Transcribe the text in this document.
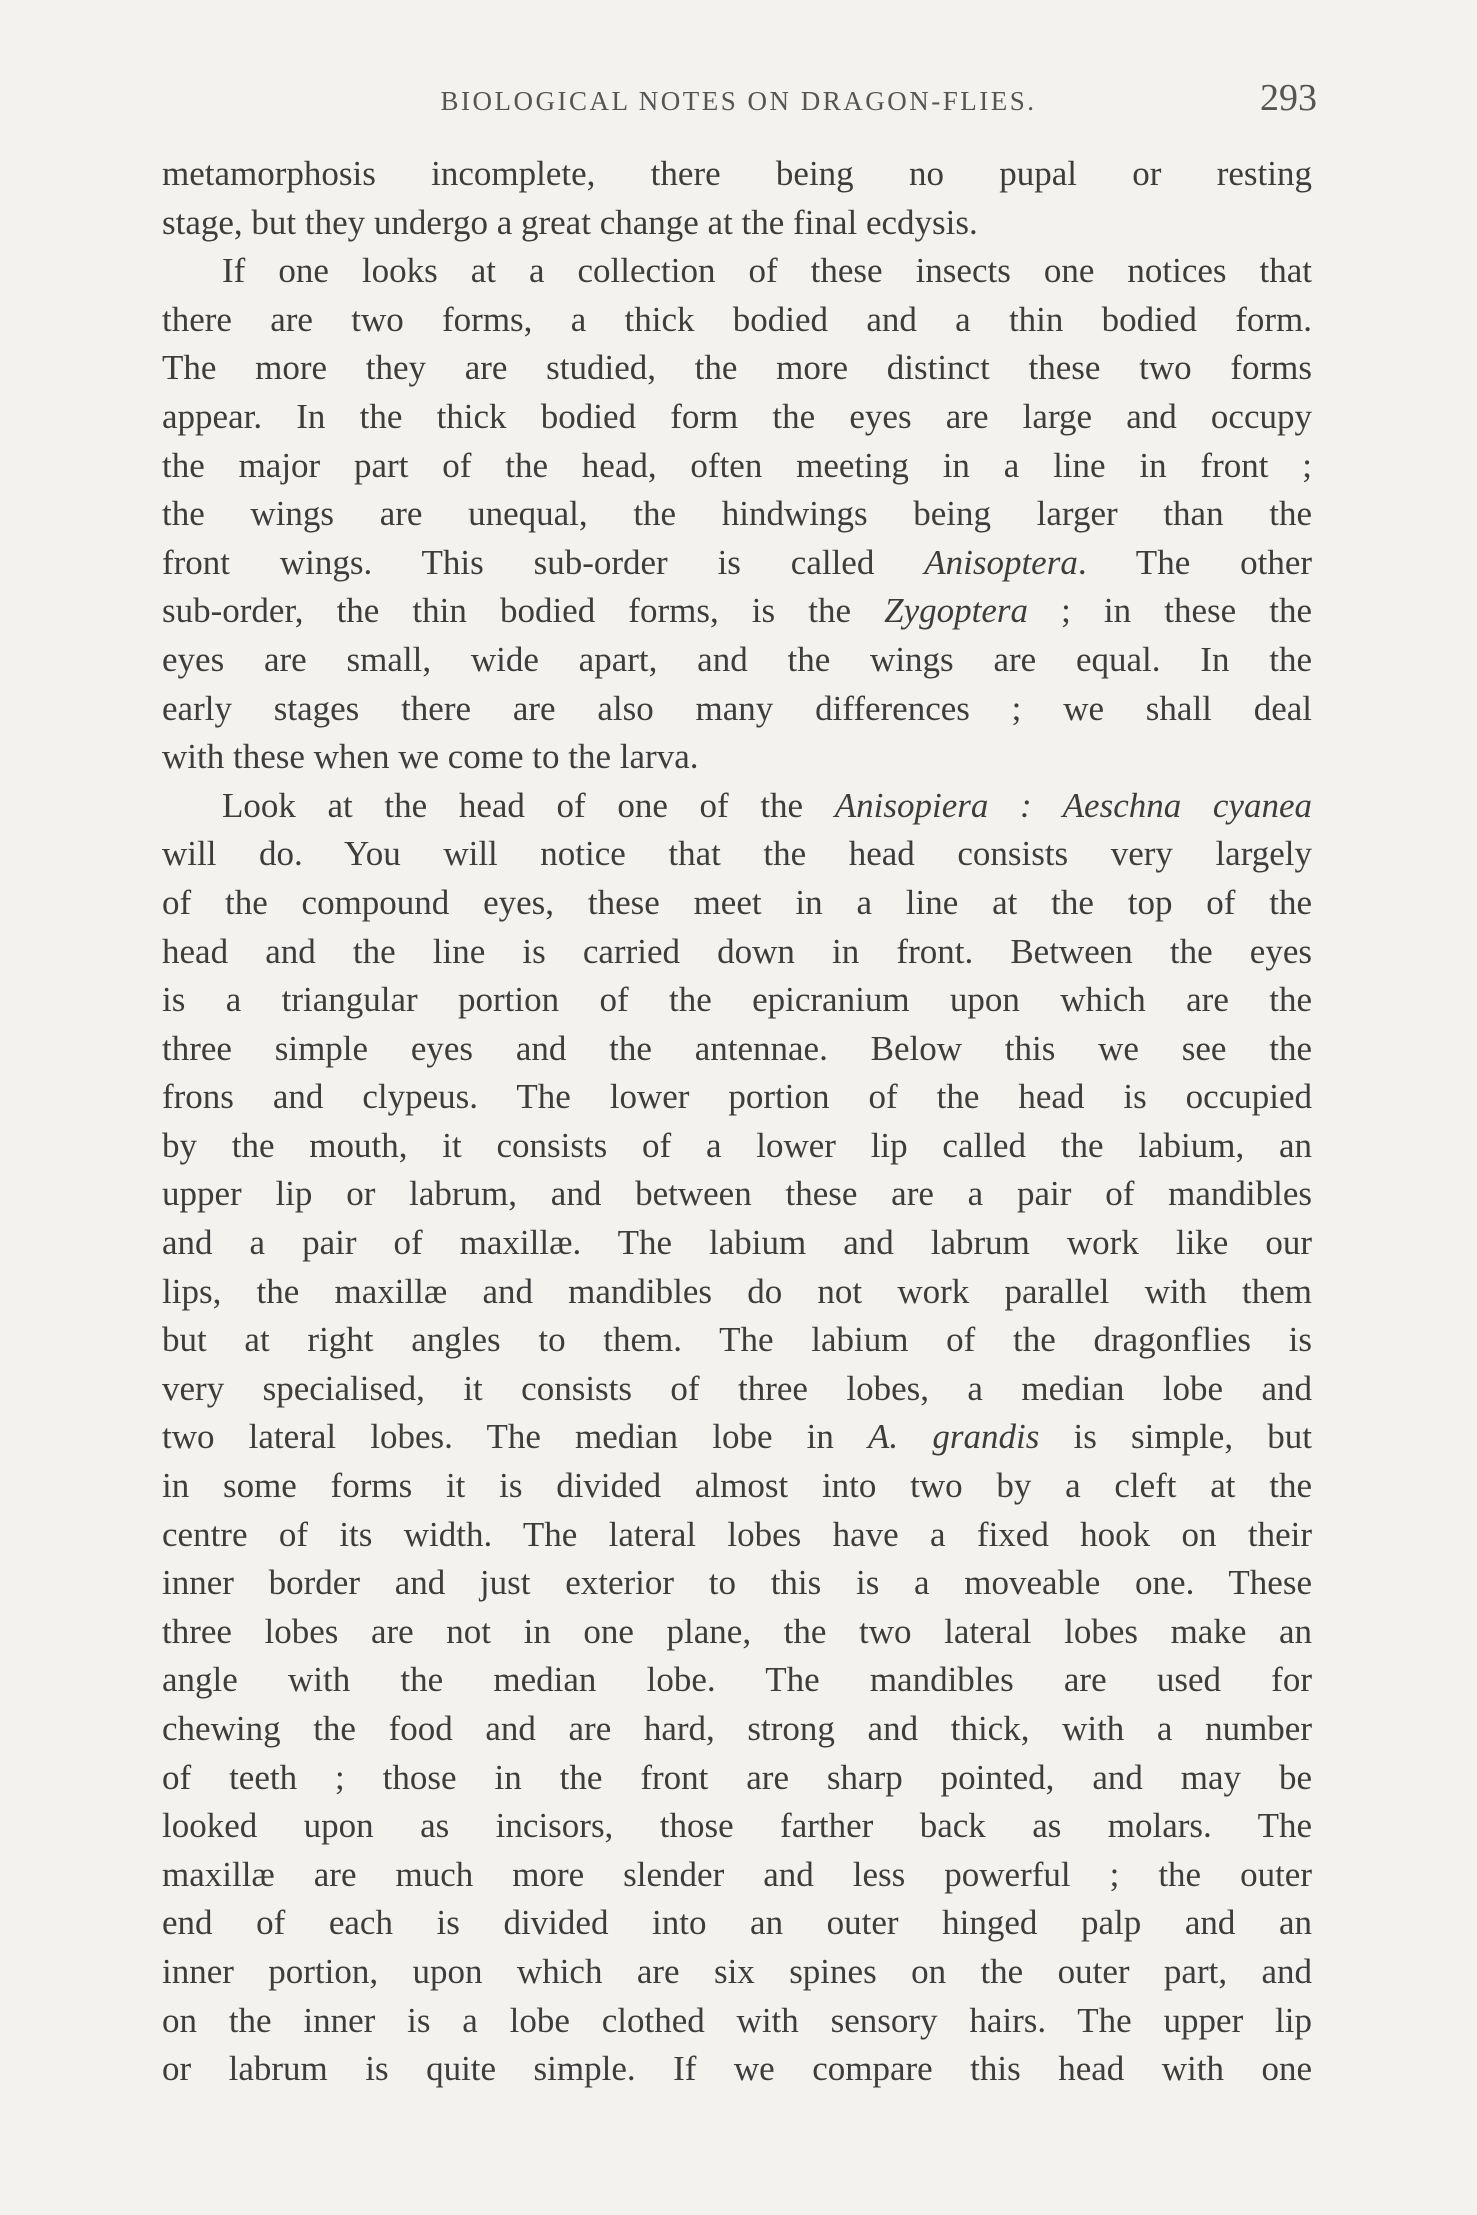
BIOLOGICAL NOTES ON DRAGON-FLIES.	293
metamorphosis incomplete, there being no pupal or resting
stage, but they undergo a great change at the final ecdysis.
If one looks at a collection of these insects one notices that
there are two forms, a thick bodied and a thin bodied form.
The more they are studied, the more distinct these two forms
appear. In the thick bodied form the eyes are large and occupy
the major part of the head, often meeting in a line in front ;
the wings are unequal, the hindwings being larger than the
front wings. This sub-order is called Anisoptera. The other
sub-order, the thin bodied forms, is the Zygoptera ; in these the
eyes are small, wide apart, and the wings are equal. In the
early stages there are also many differences ; we shall deal
with these when we come to the larva.
Look at the head of one of the Anisopiera : Aeschna cyanea
will do. You will notice that the head consists very largely
of the compound eyes, these meet in a line at the top of the
head and the line is carried down in front. Between the eyes
is a triangular portion of the epicranium upon which are the
three simple eyes and the antennae. Below this we see the
frons and clypeus. The lower portion of the head is occupied
by the mouth, it consists of a lower lip called the labium, an
upper lip or labrum, and between these are a pair of mandibles
and a pair of maxillæ. The labium and labrum work like our
lips, the maxillæ and mandibles do not work parallel with them
but at right angles to them. The labium of the dragonflies is
very specialised, it consists of three lobes, a median lobe and
two lateral lobes. The median lobe in A. grandis is simple, but
in some forms it is divided almost into two by a cleft at the
centre of its width. The lateral lobes have a fixed hook on their
inner border and just exterior to this is a moveable one. These
three lobes are not in one plane, the two lateral lobes make an
angle with the median lobe. The mandibles are used for
chewing the food and are hard, strong and thick, with a number
of teeth ; those in the front are sharp pointed, and may be
looked upon as incisors, those farther back as molars. The
maxillæ are much more slender and less powerful ; the outer
end of each is divided into an outer hinged palp and an
inner portion, upon which are six spines on the outer part, and
on the inner is a lobe clothed with sensory hairs. The upper lip
or labrum is quite simple. If we compare this head with one
